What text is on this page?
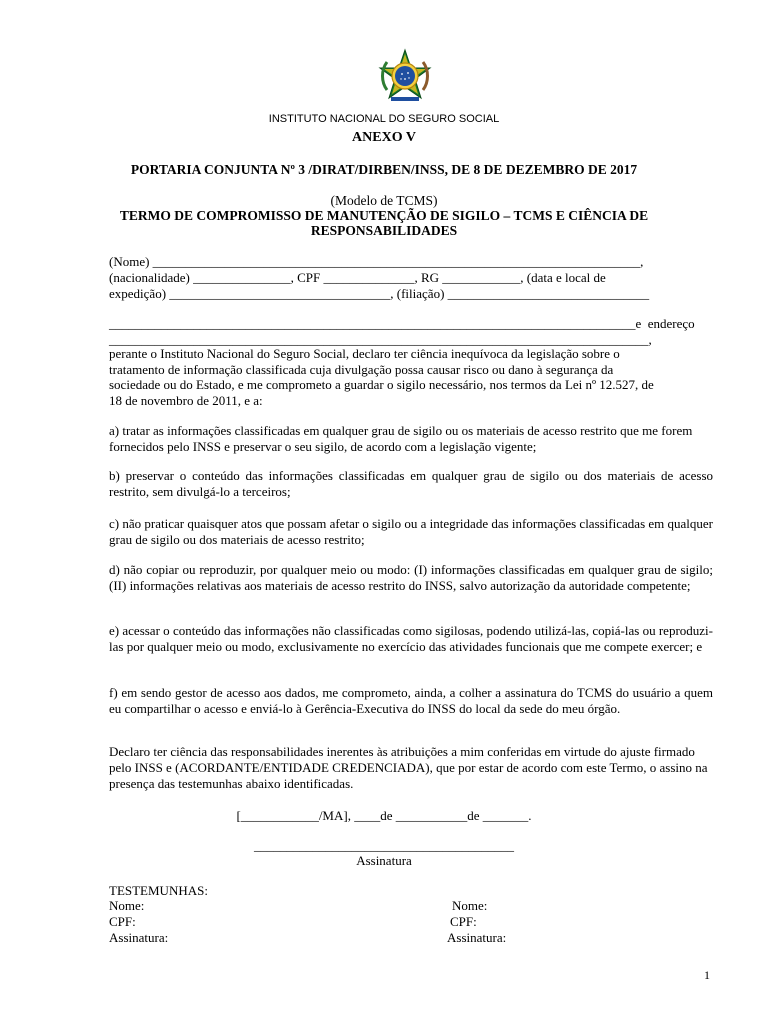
INSTITUTO NACIONAL DO SEGURO SOCIAL
ANEXO V
PORTARIA CONJUNTA Nº 3 /DIRAT/DIRBEN/INSS, DE 8 DE DEZEMBRO DE 2017
(Modelo de TCMS)
TERMO DE COMPROMISSO DE MANUTENÇÃO DE SIGILO – TCMS E CIÊNCIA DE
RESPONSABILIDADES
(Nome) ___________________________________________________________________________,
(nacionalidade) _______________, CPF ______________, RG ____________, (data e local de
expedição) __________________________________, (filiação) _______________________________
_________________________________________________________________________________e  endereço
___________________________________________________________________________________,
perante o Instituto Nacional do Seguro Social, declaro ter ciência inequívoca da legislação sobre o
tratamento de informação classificada cuja divulgação possa causar risco ou dano à segurança da
sociedade ou do Estado, e me comprometo a guardar o sigilo necessário, nos termos da Lei nº 12.527, de
18 de novembro de 2011, e a:
a) tratar as informações classificadas em qualquer grau de sigilo ou os materiais de acesso restrito que me forem fornecidos pelo INSS e preservar o seu sigilo, de acordo com a legislação vigente;
b) preservar o conteúdo das informações classificadas em qualquer grau de sigilo ou dos materiais de acesso restrito, sem divulgá-lo a terceiros;
c) não praticar quaisquer atos que possam afetar o sigilo ou a integridade das informações classificadas em qualquer grau de sigilo ou dos materiais de acesso restrito;
d) não copiar ou reproduzir, por qualquer meio ou modo: (I) informações classificadas em qualquer grau de sigilo; (II) informações relativas aos materiais de acesso restrito do INSS, salvo autorização da autoridade competente;
e) acessar o conteúdo das informações não classificadas como sigilosas, podendo utilizá-las, copiá-las ou reproduzi-las por qualquer meio ou modo, exclusivamente no exercício das atividades funcionais que me compete exercer; e
f) em sendo gestor de acesso aos dados, me comprometo, ainda, a colher a assinatura do TCMS do usuário a quem eu compartilhar o acesso e enviá-lo à Gerência-Executiva do INSS do local da sede do meu órgão.
Declaro ter ciência das responsabilidades inerentes às atribuições a mim conferidas em virtude do ajuste firmado pelo INSS e (ACORDANTE/ENTIDADE CREDENCIADA), que por estar de acordo com este Termo, o assino na presença das testemunhas abaixo identificadas.
[____________/MA], ____de ___________de _______.
________________________________________
Assinatura
TESTEMUNHAS:
Nome:
CPF:
Assinatura:
Nome:
CPF:
Assinatura:
1
